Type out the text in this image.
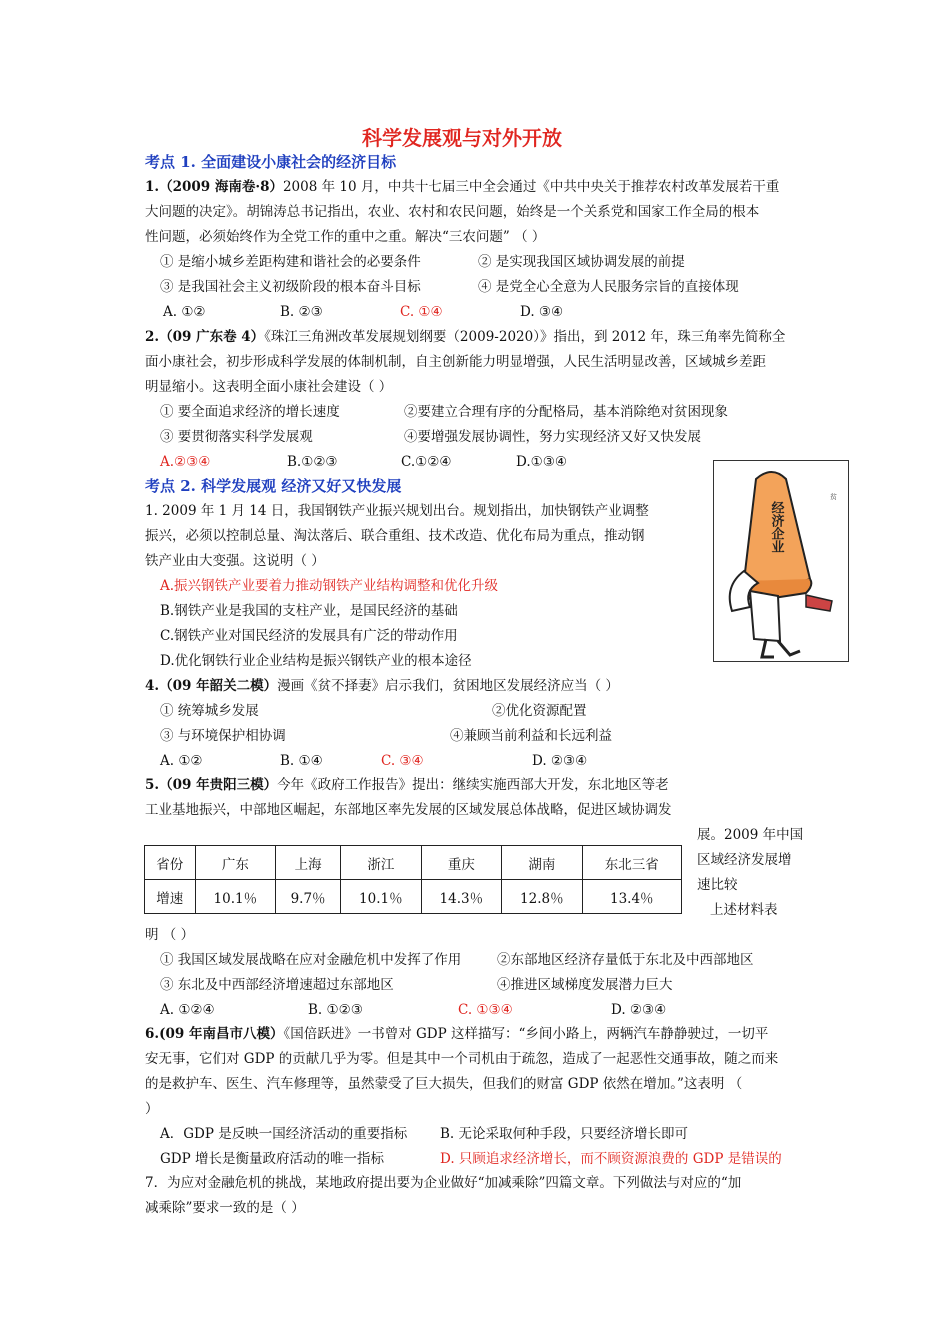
科学发展观与对外开放
考点 1. 全面建设小康社会的经济目标
1.（2009 海南卷·8）2008 年 10 月，中共十七届三中全会通过《中共中央关于推荐农村改革发展若干重
大问题的决定》。胡锦涛总书记指出，农业、农村和农民问题，始终是一个关系党和国家工作全局的根本
性问题，必须始终作为全党工作的重中之重。解决“三农问题” （ ）
① 是缩小城乡差距构建和谐社会的必要条件	② 是实现我国区域协调发展的前提
③ 是我国社会主义初级阶段的根本奋斗目标	④ 是党全心全意为人民服务宗旨的直接体现
A. ①②	B. ②③	C. ①④	D. ③④
2.（09 广东卷 4）《珠江三角洲改革发展规划纲要（2009-2020）》指出，到 2012 年，珠三角率先简称全
面小康社会，初步形成科学发展的体制机制，自主创新能力明显增强，人民生活明显改善，区域城乡差距
明显缩小。这表明全面小康社会建设（ ）
① 要全面追求经济的增长速度	②要建立合理有序的分配格局，基本消除绝对贫困现象
③ 要贯彻落实科学发展观	④要增强发展协调性，努力实现经济又好又快发展
A.②③④	B.①②③	C.①②④	D.①③④
考点 2. 科学发展观 经济又好又快发展
1. 2009 年 1 月 14 日，我国钢铁产业振兴规划出台。规划指出，加快钢铁产业调整
振兴，必须以控制总量、淘汰落后、联合重组、技术改造、优化布局为重点，推动钢
铁产业由大变强。这说明（ ）
A.振兴钢铁产业要着力推动钢铁产业结构调整和优化升级
B.钢铁产业是我国的支柱产业，是国民经济的基础
C.钢铁产业对国民经济的发展具有广泛的带动作用
D.优化钢铁行业企业结构是振兴钢铁产业的根本途径
经济企业
贫
4.（09 年韶关二模）漫画《贫不择妻》启示我们，贫困地区发展经济应当（ ）
① 统筹城乡发展	②优化资源配置
③ 与环境保护相协调	④兼顾当前利益和长远利益
A. ①②	B. ①④	C. ③④	D. ②③④
5.（09 年贵阳三模）今年《政府工作报告》提出：继续实施西部大开发，东北地区等老
工业基地振兴，中部地区崛起，东部地区率先发展的区域发展总体战略，促进区域协调发
展。2009 年中国
区域经济发展增
速比较
上述材料表
省份	广东	上海	浙江	重庆	湖南	东北三省
增速	10.1％	9.7％	10.1％	14.3％	12.8％	13.4％
明 （ ）
① 我国区域发展战略在应对金融危机中发挥了作用	②东部地区经济存量低于东北及中西部地区
③ 东北及中西部经济增速超过东部地区	④推进区域梯度发展潜力巨大
A. ①②④	B. ①②③	C. ①③④	D. ②③④
6.(09 年南昌市八模）《国倍跃进》一书曾对 GDP 这样描写：“乡间小路上，两辆汽车静静驶过，一切平
安无事，它们对 GDP 的贡献几乎为零。但是其中一个司机由于疏忽，造成了一起恶性交通事故，随之而来
的是救护车、医生、汽车修理等，虽然蒙受了巨大损失，但我们的财富 GDP 依然在增加。”这表明 （
）
A．GDP 是反映一国经济活动的重要指标 B. 无论采取何种手段，只要经济增长即可
GDP 增长是衡量政府活动的唯一指标	D. 只顾追求经济增长，而不顾资源浪费的 GDP 是错误的
7．为应对金融危机的挑战，某地政府提出要为企业做好“加减乘除”四篇文章。下列做法与对应的“加
减乘除”要求一致的是（ ）
